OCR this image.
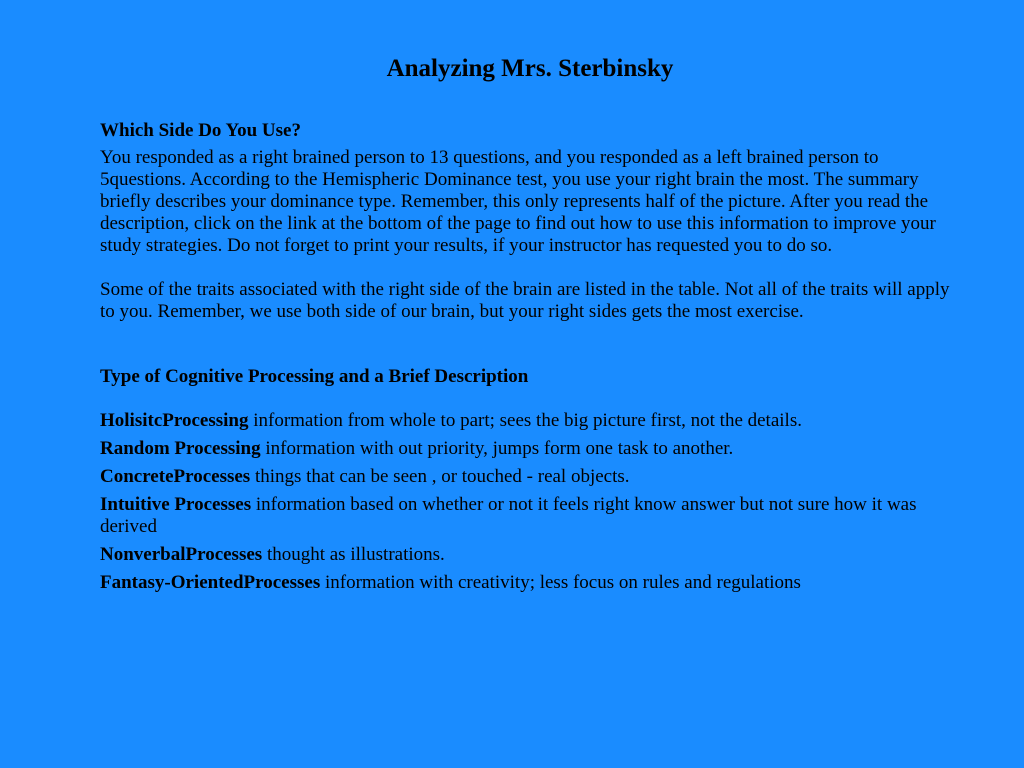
Analyzing Mrs. Sterbinsky
Which Side Do You Use?

You responded as a right brained person to 13 questions, and you responded as a left brained person to 5questions. According to the Hemispheric Dominance test, you use your right brain the most. The summary briefly describes your dominance type. Remember, this only represents half of the picture. After you read the description, click on the link at the bottom of the page to find out how to use this information to improve your study strategies. Do not forget to print your results, if your instructor has requested you to do so.

Some of the traits associated with the right side of the brain are listed in the table. Not all of the traits will apply to you. Remember, we use both side of our brain, but your right sides gets the most exercise.

Type of Cognitive Processing and a Brief Description
HolisitcProcessing information from whole to part; sees the big picture first, not the details.
Random Processing information with out priority, jumps form one task to another.
ConcreteProcesses things that can be seen , or touched - real objects.
Intuitive Processes information based on whether or not it feels right know answer but not sure how it was derived
NonverbalProcesses thought as illustrations.
Fantasy-OrientedProcesses information with creativity; less focus on rules and regulations
